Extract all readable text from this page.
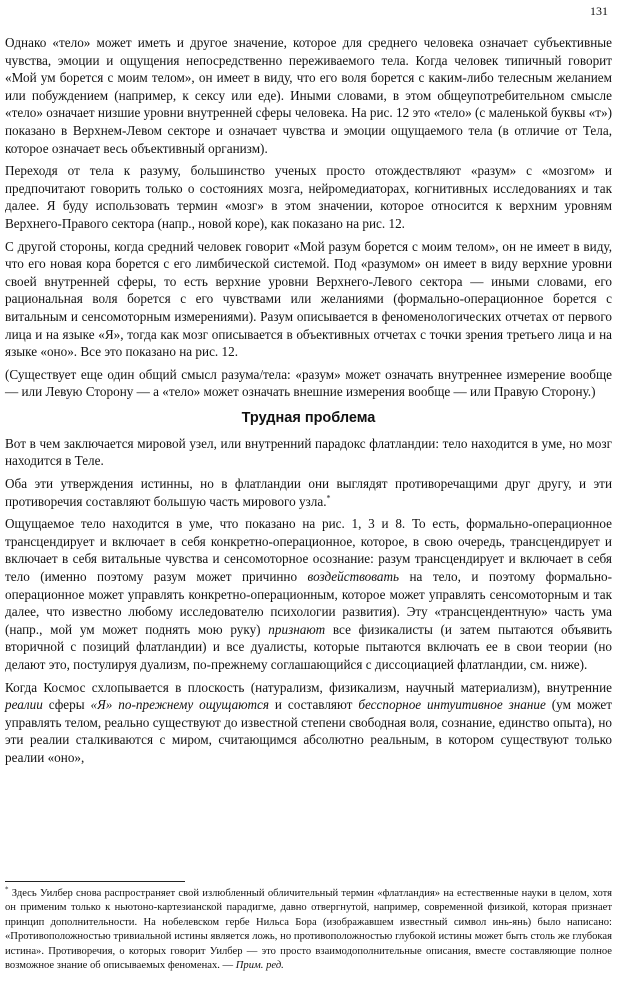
131

Однако «тело» может иметь и другое значение, которое для среднего человека означает субъективные чувства, эмоции и ощущения непосредственно переживаемого тела. Когда человек типичный говорит «Мой ум борется с моим телом», он имеет в виду, что его воля борется с каким-либо телесным желанием или побуждением (например, к сексу или еде). Иными словами, в этом общеупотребительном смысле «тело» означает низшие уровни внутренней сферы человека. На рис. 12 это «тело» (с маленькой буквы «т») показано в Верхнем-Левом секторе и означает чувства и эмоции ощущаемого тела (в отличие от Тела, которое означает весь объективный организм).

Переходя от тела к разуму, большинство ученых просто отождествляют «разум» с «мозгом» и предпочитают говорить только о состояниях мозга, нейромедиаторах, когнитивных исследованиях и так далее. Я буду использовать термин «мозг» в этом значении, которое относится к верхним уровням Верхнего-Правого сектора (напр., новой коре), как показано на рис. 12.

С другой стороны, когда средний человек говорит «Мой разум борется с моим телом», он не имеет в виду, что его новая кора борется с его лимбической системой. Под «разумом» он имеет в виду верхние уровни своей внутренней сферы, то есть верхние уровни Верхнего-Левого сектора — иными словами, его рациональная воля борется с его чувствами или желаниями (формально-операционное борется с витальным и сенсомоторным измерениями). Разум описывается в феноменологических отчетах от первого лица и на языке «Я», тогда как мозг описывается в объективных отчетах с точки зрения третьего лица и на языке «оно». Все это показано на рис. 12.

(Существует еще один общий смысл разума/тела: «разум» может означать внутреннее измерение вообще — или Левую Сторону — а «тело» может означать внешние измерения вообще — или Правую Сторону.)

Трудная проблема

Вот в чем заключается мировой узел, или внутренний парадокс флатландии: тело находится в уме, но мозг находится в Теле.

Оба эти утверждения истинны, но в флатландии они выглядят противоречащими друг другу, и эти противоречия составляют большую часть мирового узла.*

Ощущаемое тело находится в уме, что показано на рис. 1, 3 и 8. То есть, формально-операционное трансцендирует и включает в себя конкретно-операционное, которое, в свою очередь, трансцендирует и включает в себя витальные чувства и сенсомоторное осознание: разум трансцендирует и включает в себя тело (именно поэтому разум может причинно воздействовать на тело, и поэтому формально-операционное может управлять конкретно-операционным, которое может управлять сенсомоторным и так далее, что известно любому исследователю психологии развития). Эту «трансцендентную» часть ума (напр., мой ум может поднять мою руку) признают все физикалисты (и затем пытаются объявить вторичной с позиций флатландии) и все дуалисты, которые пытаются включать ее в свои теории (но делают это, постулируя дуализм, по-прежнему соглашающийся с диссоциацией флатландии, см. ниже).

Когда Космос схлопывается в плоскость (натурализм, физикализм, научный материализм), внутренние реалии сферы «Я» по-прежнему ощущаются и составляют бесспорное интуитивное знание (ум может управлять телом, реально существуют до известной степени свободная воля, сознание, единство опыта), но эти реалии сталкиваются с миром, считающимся абсолютно реальным, в котором существуют только реалии «оно»,

* Здесь Уилбер снова распространяет свой излюбленный обличительный термин «флатландия» на естественные науки в целом, хотя он применим только к ньютоно-картезианской парадигме, давно отвергнутой, например, современной физикой, которая признает принцип дополнительности. На нобелевском гербе Нильса Бора (изображавшем известный символ инь-янь) было написано: «Противоположностью тривиальной истины является ложь, но противоположностью глубокой истины может быть столь же глубокая истина». Противоречия, о которых говорит Уилбер — это просто взаимодополнительные описания, вместе составляющие полное возможное знание об описываемых феноменах. — Прим. ред.
